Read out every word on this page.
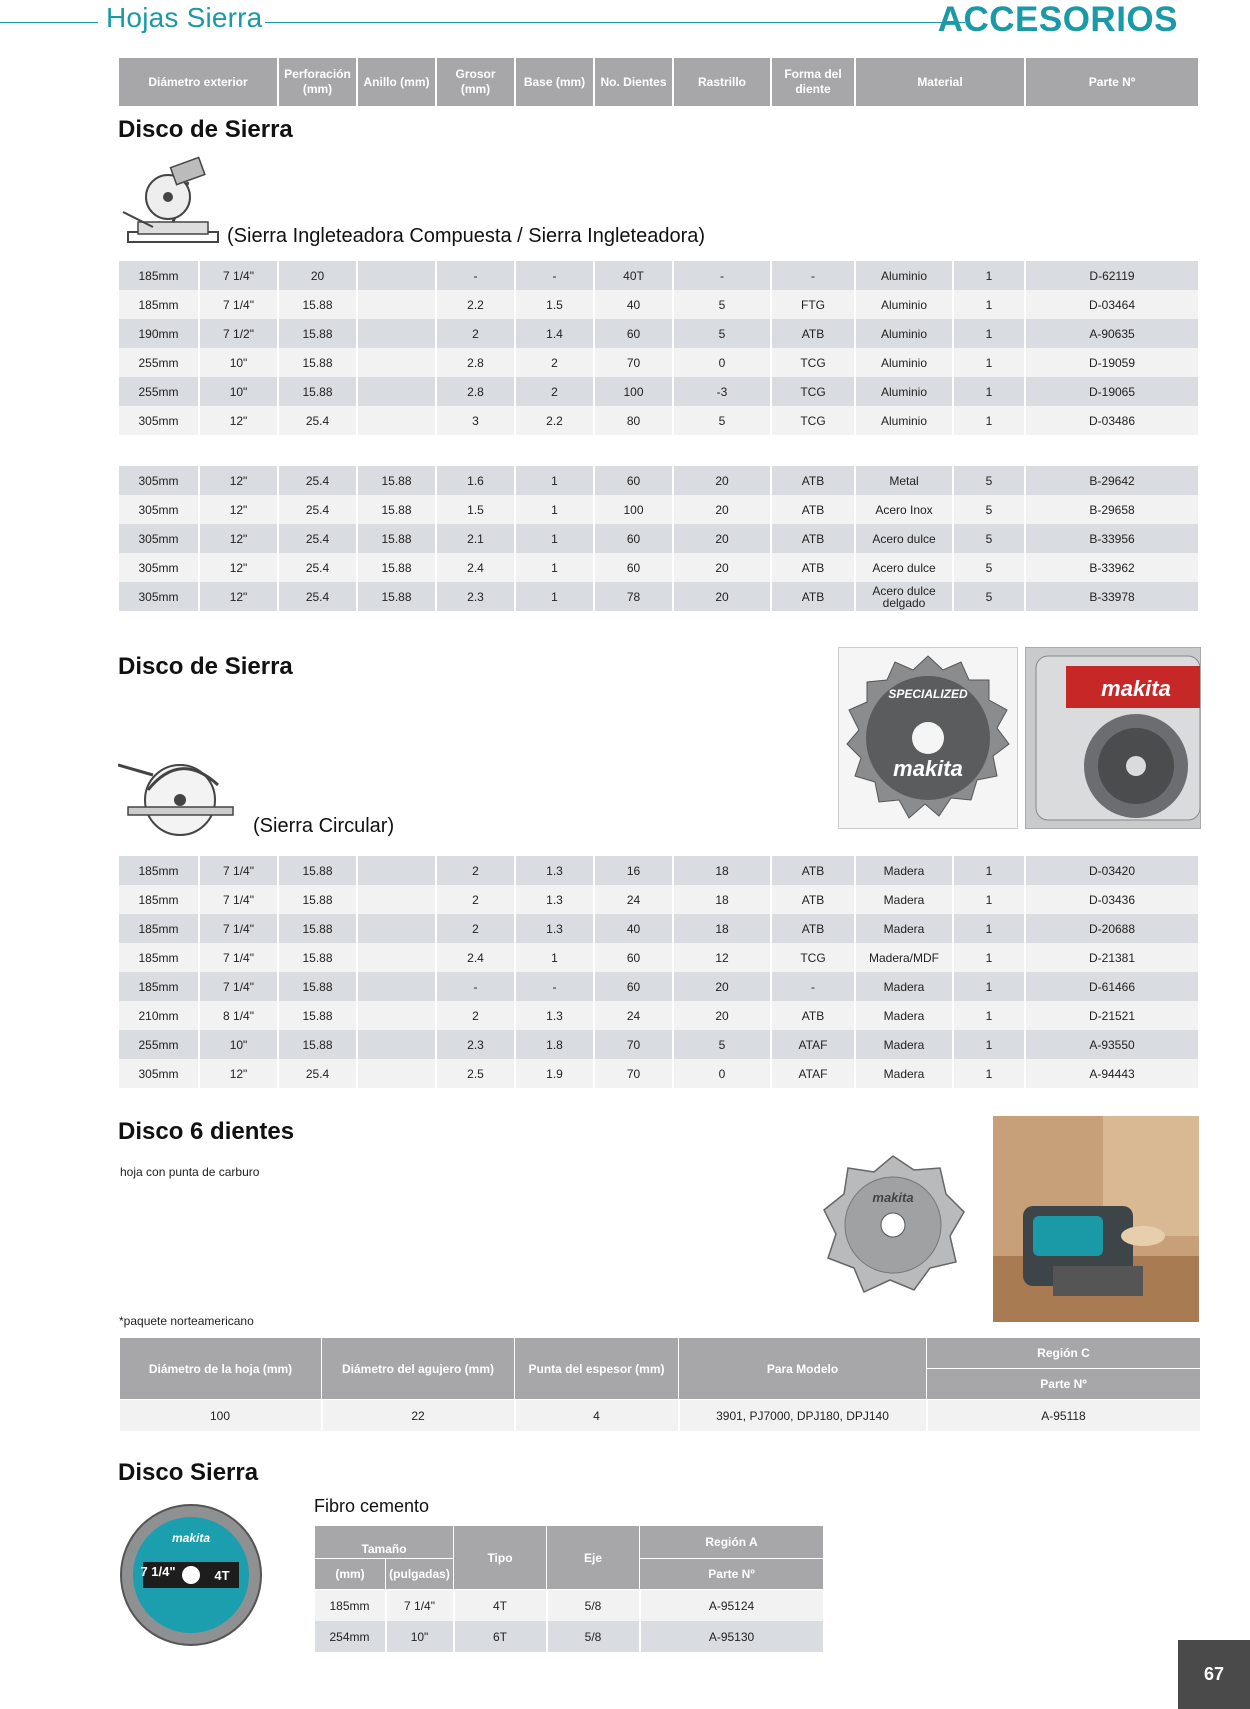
Hojas Sierra	ACCESORIOS
Diámetro exterior	Perforación (mm)	Anillo (mm)	Grosor (mm)	Base (mm)	No. Dientes	Rastrillo	Forma del diente	Material	Parte Nº
Disco de Sierra
(Sierra Ingleteadora Compuesta / Sierra Ingleteadora)
185mm	7 1/4"	20		-	-	40T	-	-	Aluminio	1	D-62119
185mm	7 1/4"	15.88		2.2	1.5	40	5	FTG	Aluminio	1	D-03464
190mm	7 1/2"	15.88		2	1.4	60	5	ATB	Aluminio	1	A-90635
255mm	10"	15.88		2.8	2	70	0	TCG	Aluminio	1	D-19059
255mm	10"	15.88		2.8	2	100	-3	TCG	Aluminio	1	D-19065
305mm	12"	25.4		3	2.2	80	5	TCG	Aluminio	1	D-03486
305mm	12"	25.4	15.88	1.6	1	60	20	ATB	Metal	5	B-29642
305mm	12"	25.4	15.88	1.5	1	100	20	ATB	Acero Inox	5	B-29658
305mm	12"	25.4	15.88	2.1	1	60	20	ATB	Acero dulce	5	B-33956
305mm	12"	25.4	15.88	2.4	1	60	20	ATB	Acero dulce	5	B-33962
305mm	12"	25.4	15.88	2.3	1	78	20	ATB	Acero dulce delgado	5	B-33978
Disco de Sierra
(Sierra Circular)
SPECIALIZED
makita
makita
185mm	7 1/4"	15.88		2	1.3	16	18	ATB	Madera	1	D-03420
185mm	7 1/4"	15.88		2	1.3	24	18	ATB	Madera	1	D-03436
185mm	7 1/4"	15.88		2	1.3	40	18	ATB	Madera	1	D-20688
185mm	7 1/4"	15.88		2.4	1	60	12	TCG	Madera/MDF	1	D-21381
185mm	7 1/4"	15.88		-	-	60	20	-	Madera	1	D-61466
210mm	8 1/4"	15.88		2	1.3	24	20	ATB	Madera	1	D-21521
255mm	10"	15.88		2.3	1.8	70	5	ATAF	Madera	1	A-93550
305mm	12"	25.4		2.5	1.9	70	0	ATAF	Madera	1	A-94443
Disco 6 dientes
hoja con punta de carburo
makita
*paquete norteamericano
Diámetro de la hoja (mm)	Diámetro del agujero (mm)	Punta del espesor (mm)	Para Modelo	Región C
				Parte Nº
100	22	4	3901, PJ7000, DPJ180, DPJ140	A-95118
Disco Sierra
7 1/4"	4T
makita
Fibro cemento
Tamaño		Tipo	Eje	Región A
(mm)	(pulgadas)			Parte Nº
185mm	7 1/4"	4T	5/8	A-95124
254mm	10"	6T	5/8	A-95130
67
